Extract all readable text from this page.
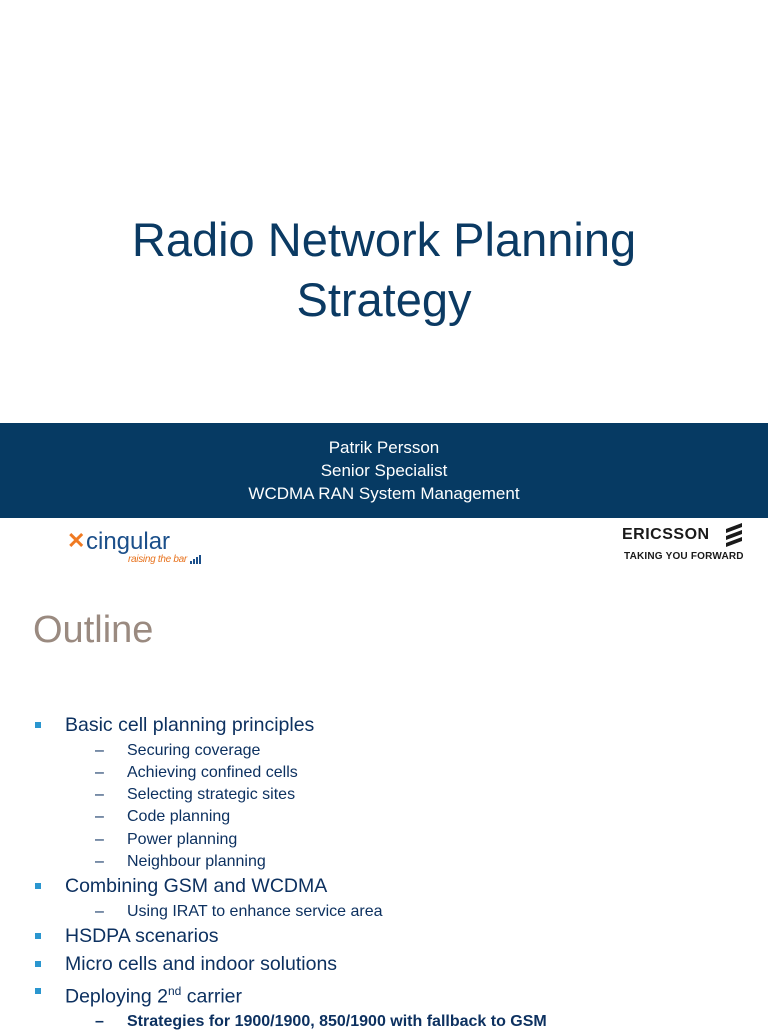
Radio Network Planning
Strategy
Patrik Persson
Senior Specialist
WCDMA RAN System Management
✕ cingular
raising the bar
ERICSSON
TAKING YOU FORWARD
Outline
Basic cell planning principles
– Securing coverage
– Achieving confined cells
– Selecting strategic sites
– Code planning
– Power planning
– Neighbour planning
Combining GSM and WCDMA
– Using IRAT to enhance service area
HSDPA scenarios
Micro cells and indoor solutions
Deploying 2nd carrier
– Strategies for 1900/1900, 850/1900 with fallback to GSM
